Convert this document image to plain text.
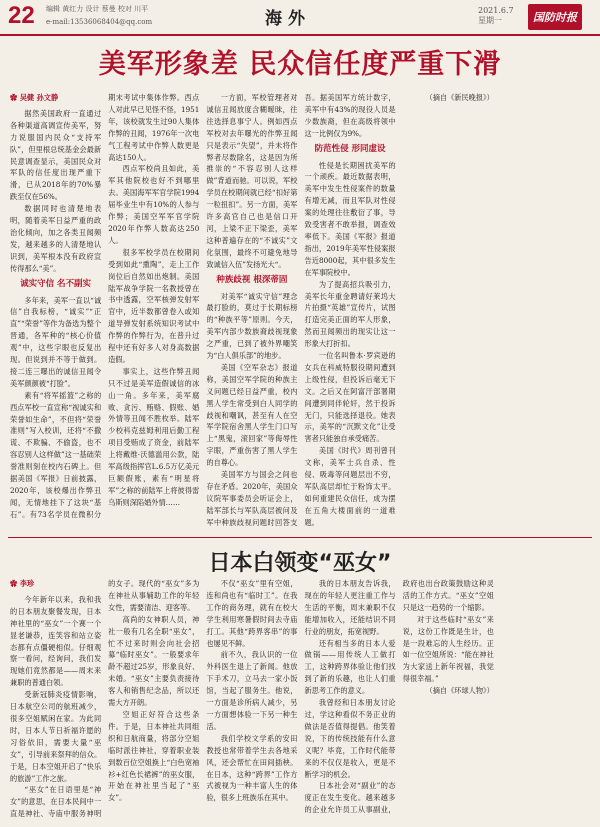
22 编辑 黄红力 设计 蔡曼 校对 川平
e-mail:13536068404@qq.com	海外	2021.6.7 星期一	国防时报
美军形象差 民众信任度严重下滑

✿ 吴健 孙文静

据然美国政府一直通过各种渠道高调宣传美军，努力说服国内民众“支持军队”，但里根总统基金会最新民意调查显示，美国民众对军队的信任度出现严重下滑，已从2018年的70%暴跌至仅在56%。

数据同时也清楚地表明，随着美军日益严重的政治化倾向，加之各类丑闻频发，越来越多的人清楚地认识到，美军根本没有政府宣传得那么“美”。

诚实守信 名不副实

多年来，美军一直以“诚信”自我标榜，“诚实”“正直”“荣誉”等作为备选为整个晋通，各军种的“核心价值观”中，这些字眼也反复出现。但说到并不等于做到。接二连三曝出的诚信丑闻令美军颜颜被“打脸”。

素有“将军摇篮”之称的西点军校一直宣称“视诚实和荣誉如生命”，不但将“荣誉准则”写入校训，还将“不撒谎、不欺骗、不偷盗，也不容忍别人这样做”这一基础荣誉准则刻在校内石碑上。但据美国《军报》日前披露，2020年，该校爆出作弊丑闻，无情地挂下了这块“基石”。有73名学员在微积分期末考试中集体作弊。西点人对此早已见怪不怪，1951年，该校就发生过90人集体作弊的丑闻，1976年一次电气工程考试中作弊人数更是高达150人。

西点军校尚且如此，美军其他院校也好不到哪里去。美国海军军官学院1994届毕业生中有10%的人参与作弊；美国空军军官学院2020年作弊人数高达250人。

很多军校学员在校期间受到如此“熏陶”，走上工作岗位后自然如出炮制。美国陆军战争学院一名教授曾在书中透露，空军核弹发射军官中，近半数都曾卷入或知道导弹发射系统知识考试中作弊的作弊行为，在普升过程中还有好多人对身高数据造假。

事实上，这些作弊丑闻只不过是美军造假诚信的冰山一角。多年来，美军腐败、贪污、贿赂、假账、婚外情等丑闻不胜枚举。陆军少校科克兹姆利用后勤工程项目受贿成了资金，前陆军上将戴维·沃德滥用公款，陆军高级指挥官L.6.5万亿美元巨额假账，素有“明星将军”之称的前陆军上将彼得雷乌斯则深陷婚外情……

一方面，军校管理者对诚信丑闻放度含糊暧昧，往往选择息事宁人。例如西点军校对去年曝光的作弊丑闻只是表示“失望”，并未将作弊者尽数除名，这是因为所推崇的“不容忍别人这样做”背道而驰。可以说，军校学员在校期间就已经“扣好第一粒扭扣”。另一方面，美军许多高官自己也是信口开河，上梁不正下梁歪，美军这种普遍存在的“不诚实”文化氛围，最终不可避免地导致诚信入伍”发扬光大“。

种族歧视 根深蒂固

对美军“诚实守信”理念最打脸的，莫过于长期标榜的“种族平等”原则。今天，美军内部少数族裔歧视现象之严重，已到了被外界嘲笑为“白人俱乐部”的地步。

美国《空军杂志》报道称，美国空军学院的种族主义问题已经日益严重，校内黑人学生常受到白人同学的歧视和嘲讽，甚至有人在空军学院宿舍黑人学生门口写上“黑鬼，滚回家”等侮辱性字眼，严重伤害了黑人学生的自尊心。

美国军方与国会之间也存在矛盾。2020年，美国众议院军事委员会听证会上，陆军部长与军队高层被问及军中种族歧视问题时回答支吾。据美国军方统计数字，美军中有43%的现役人员是少数族裔，但在高级将领中这一比例仅为9%。

防范性侵 形同虚设

性侵是长期困扰美军的一个顽疾。最近数据表明，美军中发生性侵案件的数量有增无减，而且军队对性侵案的处理往往敷衍了事，导致受害者不敢举报，调查效率低下。美国《军报》报道指出，2019年美军性侵案报告近8000起，其中很多发生在军事院校中。

为了提高招兵吸引力，美军长年重金聘请好莱坞大片拍摄“英雄”宣传片，试图打造完美正面的军人形象，然而丑闻频出的现实让这一形象大打折扣。

一位名叫鲁本·罗宾逊的女兵在科威特服役期间遭到上级性侵，但投诉后毫无下文。之后又在阿富汗部署期间遭到同伴轮奸，然于投诉无门，只能选择退役。她表示，美军的“沉默文化”让受害者只能独自承受痛苦。

美国《时代》周刊曾刊文称，美军士兵自杀、性侵、吸毒等问题层出不穷，军队高层却忙于粉饰太平。如何重建民众信任，成为摆在五角大楼面前的一道难题。

（摘自《新民晚报》）

日本白领变“巫女”

✿ 李珍

今年新年以来，我和我的日本朋友聚餐发现，日本神社里的“巫女”一个赛一个显老谦恭，连笑容和站立姿态都有点僵硬相似。仔细观察一看问，经询问，我们发现她们竟然都是——周末来兼职的普通白领。

受新冠肺炎疫情影响，日本航空公司的航班减少，很多空姐赋闲在家。为此同时，日本人节日祈福许愿的习俗依旧，需要大量“巫女”，引导前来祭拜的信众。于是，日本空姐开启了“快乐的旅游”工作之旅。

“巫女”在日语里是“神女”的意思，在日本民间中一直是神社、寺庙中服务神明的女子。现代的“巫女”多为在神社从事辅助工作的年轻女性，需要清洁、迎客等。

高尚的女神职人员，神社一般有几名全职“巫女”，忙不过来时则会向社会招募“临时巫女”。一般要求年龄不超过25岁，形象良好、未婚。“巫女”主要负责接待客人和销售纪念品，所以还需大方开朗。

空姐正好符合这些条件。于是，日本神社共同组织和日航商量，将部分空姐临时派往神社，穿着职业装到数百位空姐换上“白色宽袖衫+红色长裙裤”的巫女服，开始在神社里当起了“巫女”。

不仅“巫女”里有空姐，连和尚也有“临时工”。在我工作的商务理，就有在校大学生利用寒暑假时间去寺庙打工。其他“跨界客串”的事也屡见不鲜。

前不久，我认识的一位外科医生退上了新闻。他放下手术刀，立马去一家小饭馆，当起了服务生。他说，一方面是诊所病人减少，另一方面想体验一下另一种生活。

我们学校文学系的安田教授也常带着学生去各地采风，还会帮忙在田间插秧。在日本，这种“跨界”工作方式被视为一种丰富人生的体验，很多上班族乐在其中。

我的日本朋友告诉我，现在的年轻人更注重工作与生活的平衡，周末兼职不仅能增加收入，还能结识不同行业的朋友，拓宽视野。

还有相当多的日本人爱做锅——用传统人工做打工，这种跨界体验让他们找到了新的乐趣，也让人们重新思考工作的意义。

我曾经和日本朋友讨论过，学这种看似不务正业的做法是否值得提倡。他笑着说，下的传统技能有什么意义呢？毕竟，工作时代能带来的不仅仅是收入，更是不断学习的机会。

日本社会对“副业”的态度正在发生变化。越来越多的企业允许员工从事副业，政府也出台政策鼓励这种灵活的工作方式。“巫女”空姐只是这一趋势的一个缩影。

对于这些临时“巫女”来说，这份工作既是生计，也是一段难忘的人生经历。正如一位空姐所说：“能在神社为大家送上新年祝福，我觉得很幸福。”

（摘自《环球人物》）
